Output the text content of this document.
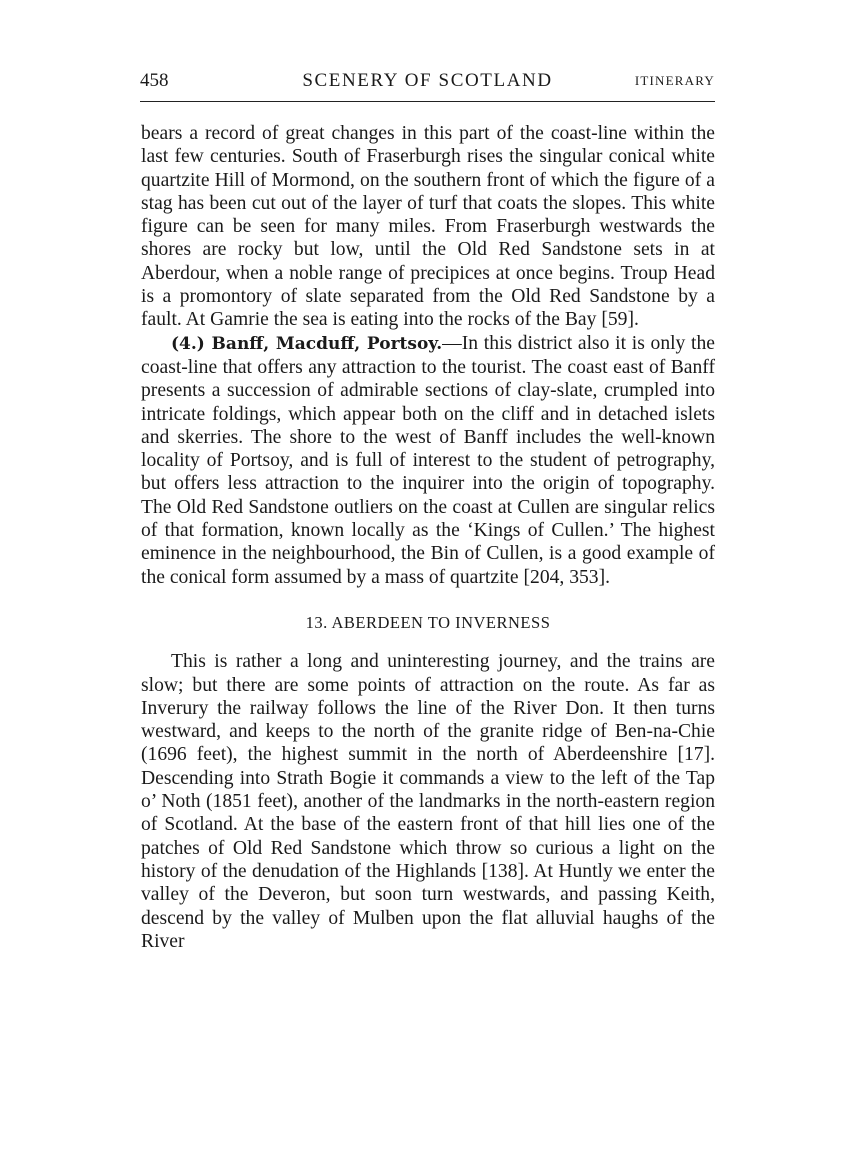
458	SCENERY OF SCOTLAND	ITINERARY

bears a record of great changes in this part of the coast-line within the last few centuries. South of Fraserburgh rises the singular conical white quartzite Hill of Mormond, on the southern front of which the figure of a stag has been cut out of the layer of turf that coats the slopes. This white figure can be seen for many miles. From Fraserburgh westwards the shores are rocky but low, until the Old Red Sandstone sets in at Aberdour, when a noble range of precipices at once begins. Troup Head is a promontory of slate separated from the Old Red Sandstone by a fault. At Gamrie the sea is eating into the rocks of the Bay [59].

(4.) Banff, Macduff, Portsoy.—In this district also it is only the coast-line that offers any attraction to the tourist. The coast east of Banff presents a succession of admirable sections of clay-slate, crumpled into intricate foldings, which appear both on the cliff and in detached islets and skerries. The shore to the west of Banff includes the well-known locality of Portsoy, and is full of interest to the student of petrography, but offers less attraction to the inquirer into the origin of topography. The Old Red Sandstone outliers on the coast at Cullen are singular relics of that formation, known locally as the ‘Kings of Cullen.’ The highest eminence in the neighbourhood, the Bin of Cullen, is a good example of the conical form assumed by a mass of quartzite [204, 353].

13. ABERDEEN TO INVERNESS

This is rather a long and uninteresting journey, and the trains are slow; but there are some points of attraction on the route. As far as Inverury the railway follows the line of the River Don. It then turns westward, and keeps to the north of the granite ridge of Ben-na-Chie (1696 feet), the highest summit in the north of Aberdeenshire [17]. Descending into Strath Bogie it commands a view to the left of the Tap o’ Noth (1851 feet), another of the landmarks in the north-eastern region of Scotland. At the base of the eastern front of that hill lies one of the patches of Old Red Sandstone which throw so curious a light on the history of the denudation of the Highlands [138]. At Huntly we enter the valley of the Deveron, but soon turn westwards, and passing Keith, descend by the valley of Mulben upon the flat alluvial haughs of the River
